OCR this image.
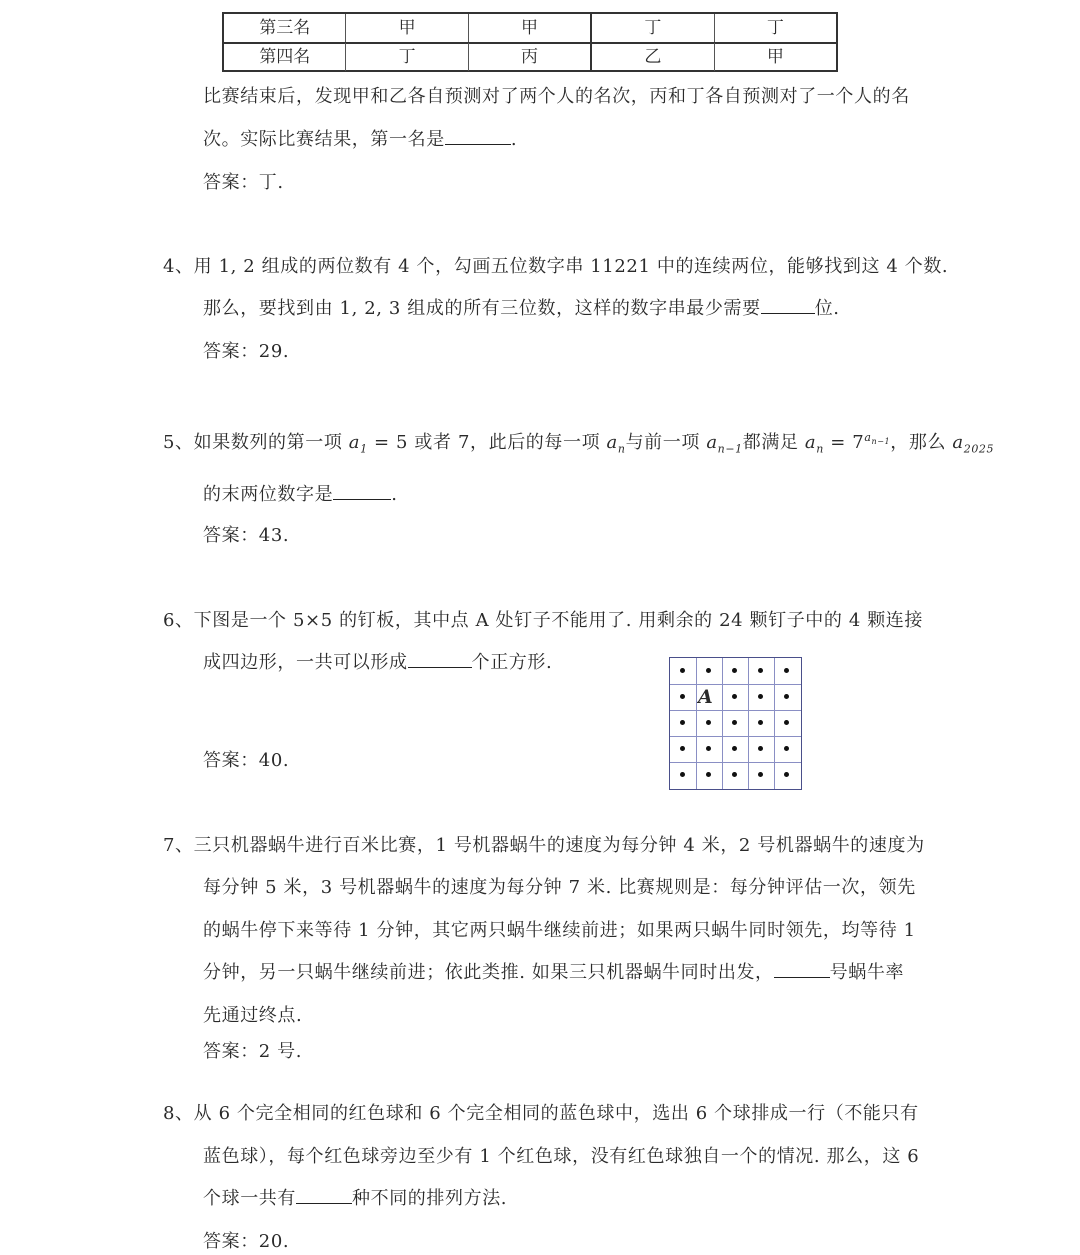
第三名	甲	甲	丁	丁
第四名	丁	丙	乙	甲
比赛结束后，发现甲和乙各自预测对了两个人的名次，丙和丁各自预测对了一个人的名
次。实际比赛结果，第一名是	.
答案：丁.
4、用 1, 2 组成的两位数有 4 个，勾画五位数字串 11221 中的连续两位，能够找到这 4 个数.
那么，要找到由 1, 2, 3 组成的所有三位数，这样的数字串最少需要	位.
答案：29.
5、如果数列的第一项 $a_1 = 5$ 或者 7，此后的每一项 $a_n$与前一项 $a_{n-1}$都满足 $a_n = 7^{a_{n-1}}$，那么 $a_{2025}$
的末两位数字是	.
答案：43.
6、下图是一个 5×5 的钉板，其中点 A 处钉子不能用了. 用剩余的 24 颗钉子中的 4 颗连接
成四边形，一共可以形成	个正方形.
答案：40.
A
7、三只机器蜗牛进行百米比赛，1 号机器蜗牛的速度为每分钟 4 米，2 号机器蜗牛的速度为
每分钟 5 米，3 号机器蜗牛的速度为每分钟 7 米. 比赛规则是：每分钟评估一次，领先
的蜗牛停下来等待 1 分钟，其它两只蜗牛继续前进；如果两只蜗牛同时领先，均等待 1
分钟，另一只蜗牛继续前进；依此类推. 如果三只机器蜗牛同时出发，	号蜗牛率
先通过终点.
答案：2 号.
8、从 6 个完全相同的红色球和 6 个完全相同的蓝色球中，选出 6 个球排成一行（不能只有
蓝色球），每个红色球旁边至少有 1 个红色球，没有红色球独自一个的情况. 那么，这 6
个球一共有	种不同的排列方法.
答案：20.
